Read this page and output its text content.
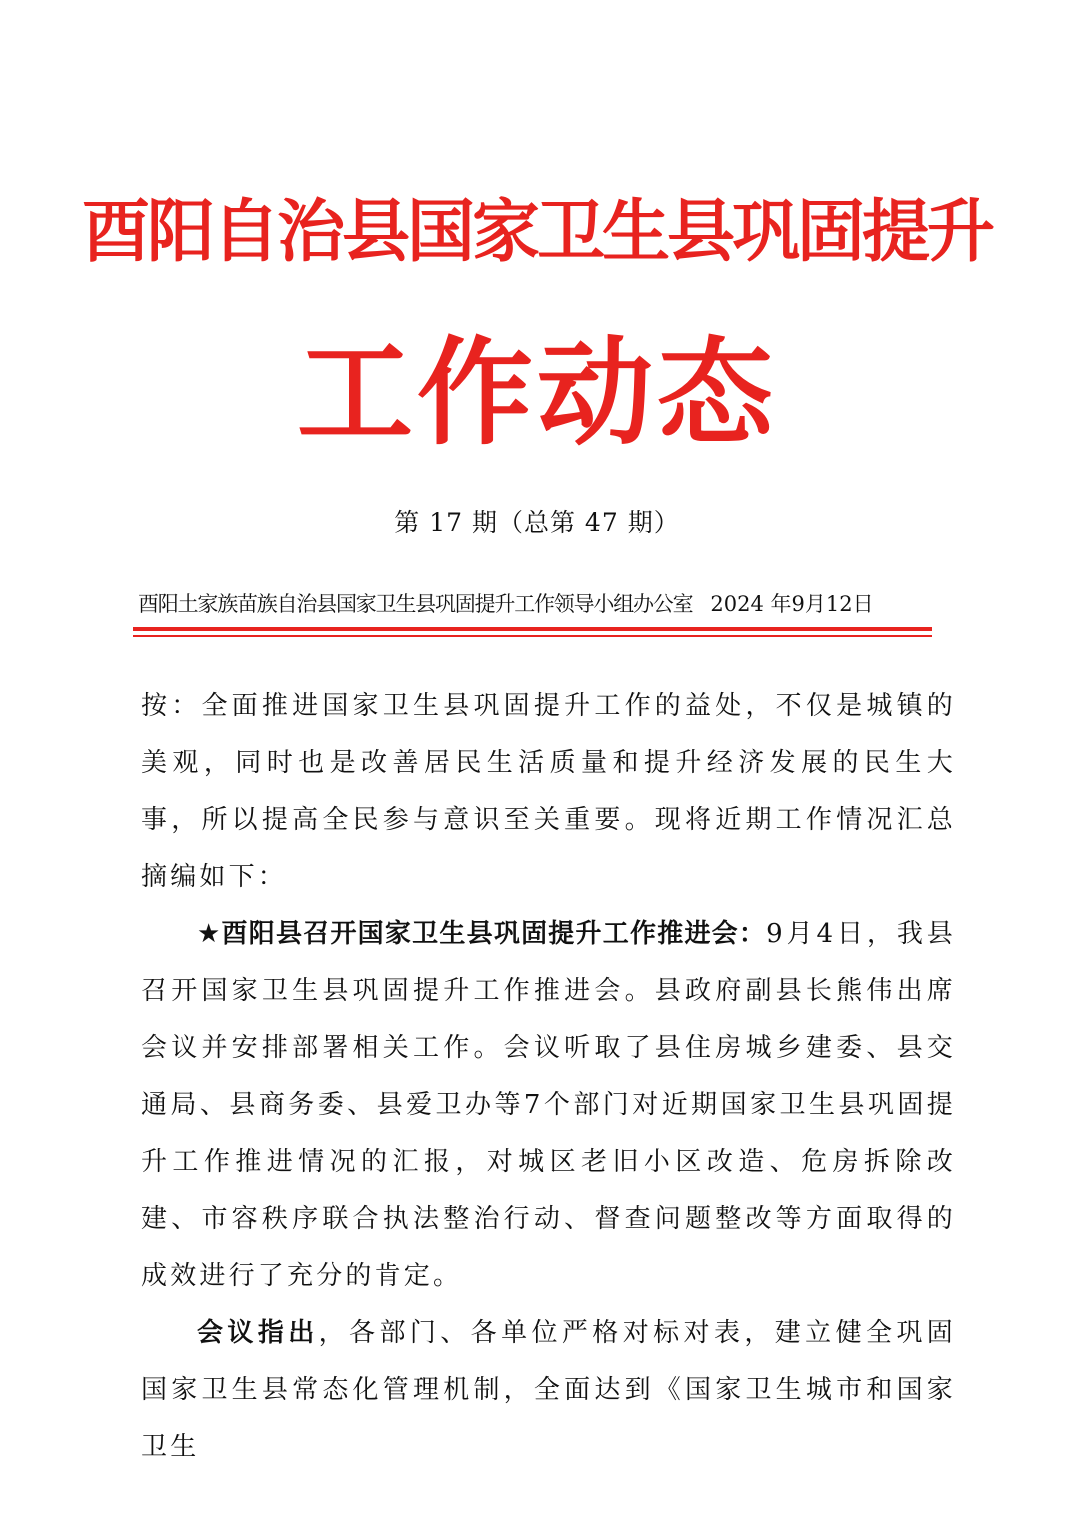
酉阳自治县国家卫生县巩固提升
工作动态
第 17 期（总第 47 期）
酉阳土家族苗族自治县国家卫生县巩固提升工作领导小组办公室 2024 年9月12日

按：全面推进国家卫生县巩固提升工作的益处，不仅是城镇的美观，同时也是改善居民生活质量和提升经济发展的民生大事，所以提高全民参与意识至关重要。现将近期工作情况汇总摘编如下：

★酉阳县召开国家卫生县巩固提升工作推进会：9月4日，我县召开国家卫生县巩固提升工作推进会。县政府副县长熊伟出席会议并安排部署相关工作。会议听取了县住房城乡建委、县交通局、县商务委、县爱卫办等7个部门对近期国家卫生县巩固提升工作推进情况的汇报，对城区老旧小区改造、危房拆除改建、市容秩序联合执法整治行动、督查问题整改等方面取得的成效进行了充分的肯定。

会议指出，各部门、各单位严格对标对表，建立健全巩固国家卫生县常态化管理机制，全面达到《国家卫生城市和国家卫生
